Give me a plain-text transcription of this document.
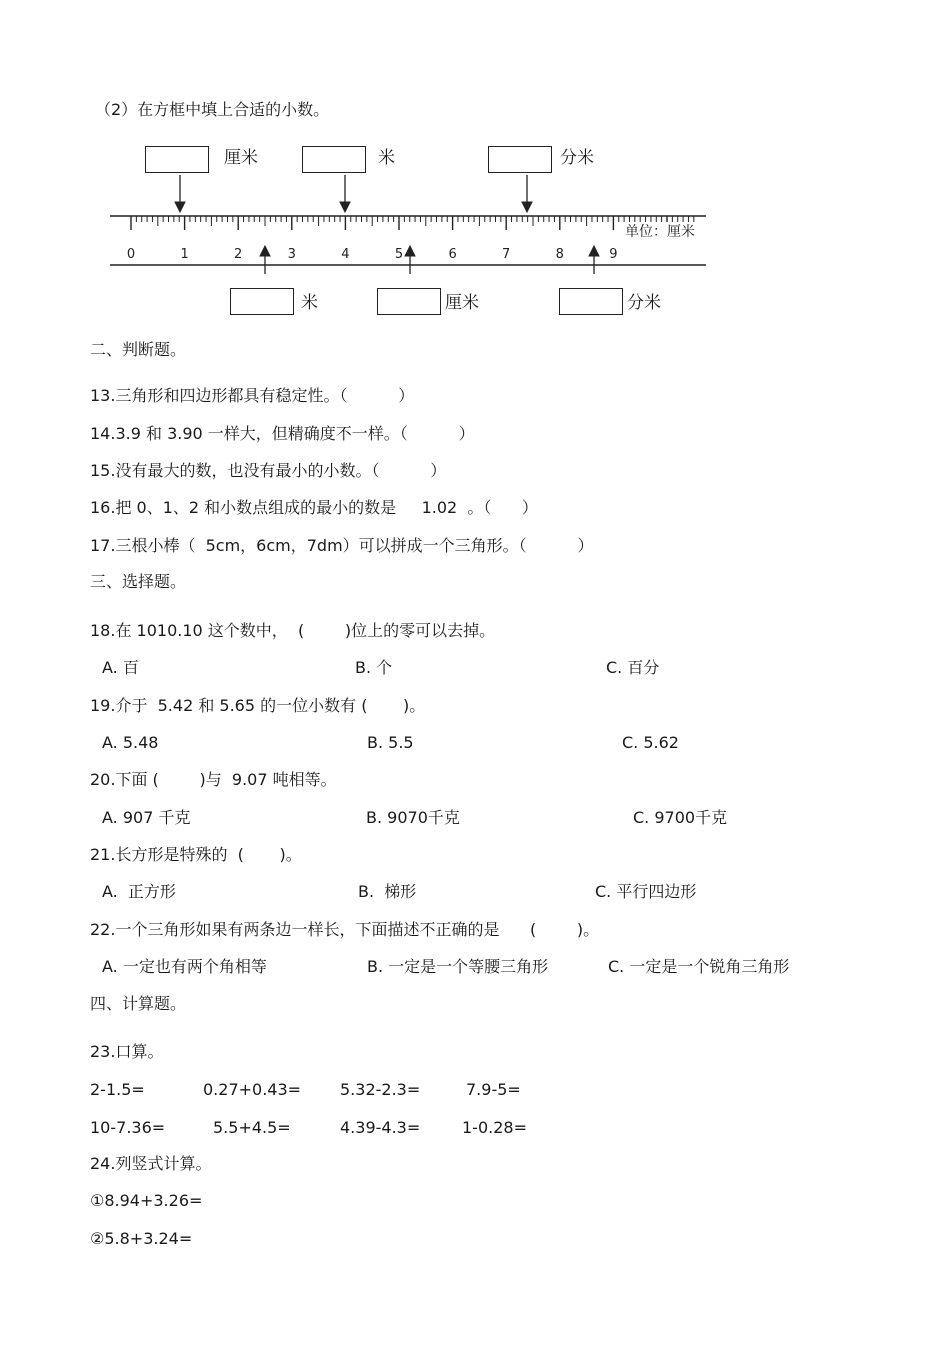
（2）在方框中填上合适的小数。
厘米	米	分米
0	1	2	3	4	5	6	7	8	9
单位：厘米
米	厘米	分米
二、判断题。
13.三角形和四边形都具有稳定性。（          ）
14.3.9 和 3.90 一样大，但精确度不一样。（          ）
15.没有最大的数，也没有最小的小数。（          ）
16.把 0、1、2 和小数点组成的最小的数是     1.02  。（      ）
17.三根小棒（  5cm，6cm，7dm）可以拼成一个三角形。（          ）
三、选择题。
18.在 1010.10 这个数中，  (        )位上的零可以去掉。
A. 百	B. 个	C. 百分
19.介于  5.42 和 5.65 的一位小数有 (       )。
A. 5.48	B. 5.5	C. 5.62
20.下面 (        )与  9.07 吨相等。
A. 907 千克	B. 9070千克	C. 9700千克
21.长方形是特殊的  (       )。
A.  正方形	B.  梯形	C. 平行四边形
22.一个三角形如果有两条边一样长，下面描述不正确的是      (        )。
A. 一定也有两个角相等	B. 一定是一个等腰三角形	C. 一定是一个锐角三角形
四、计算题。
23.口算。
2-1.5=	0.27+0.43= 5.32-2.3=	7.9-5=
10-7.36=	5.5+4.5=	4.39-4.3=	1-0.28=
24.列竖式计算。
①8.94+3.26=
②5.8+3.24=
